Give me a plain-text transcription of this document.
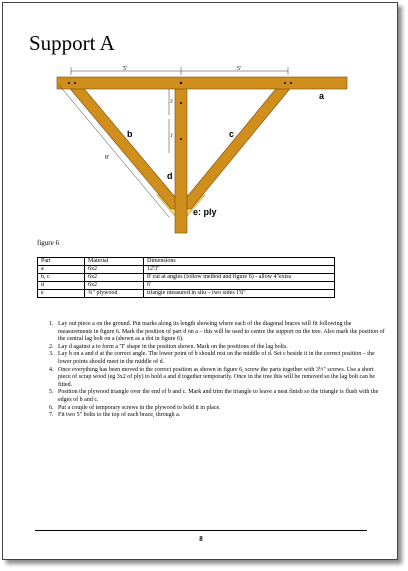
Support A
5'	5'
3'
1'
8'
a
b	c
d
e: ply
figure 6
Part	Material	Dimensions
a	6x2	12'3"
b, c	6x2	8' cut at angles (follow method and figure 6) - allow 4"extra
d	6x2	6'
e	¾" plywood	triangle measured in situ – two sides 1'6"
1. Lay out piece a on the ground. Put marks along its length showing where each of the diagonal braces will fit following the measurements in figure 6. Mark the position of part d on a – this will be used to centre the support on the tree. Also mark the position of the central lag bolt on a (shown as a dot in figure 6).
2. Lay d against a to form a 'T' shape in the position shown. Mark on the positions of the lag bolts.
3. Lay b on a and d at the correct angle. The lower point of b should rest on the middle of d. Set c beside it in the correct position – the lower points should meet in the middle of d.
4. Once everything has been moved to the correct position as shown in figure 6, screw the parts together with 3½" screws. Use a short piece of scrap wood (eg 3x2 of ply) to hold a and d together temporarily. Once in the tree this will be removed so the lag bolt can be fitted.
5. Position the plywood triangle over the end of b and c. Mark and trim the triangle to leave a neat finish so the triangle is flush with the edges of b and c.
6. Put a couple of temporary screws in the plywood to hold it in place.
7. Fit two 5" bolts to the top of each brace, through a.
8
